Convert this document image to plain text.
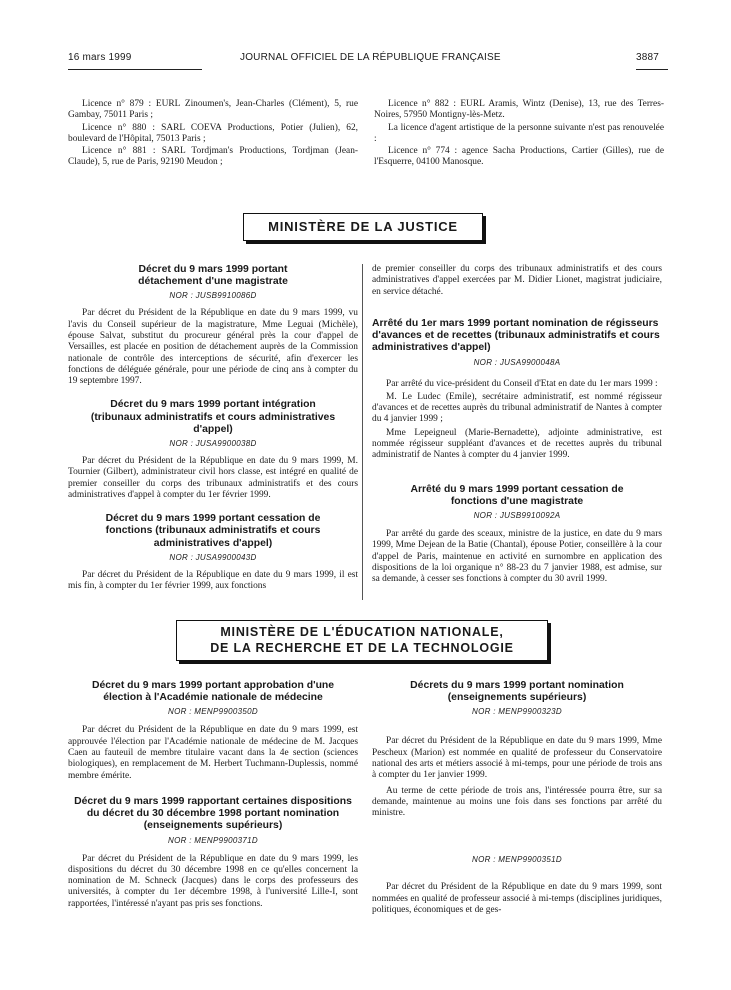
16 mars 1999	JOURNAL OFFICIEL DE LA RÉPUBLIQUE FRANÇAISE	3887

Licence n° 879 : EURL Zinoumen's, Jean-Charles (Clément), 5, rue Gambay, 75011 Paris ;

Licence n° 880 : SARL COEVA Productions, Potier (Julien), 62, boulevard de l'Hôpital, 75013 Paris ;

Licence n° 881 : SARL Tordjman's Productions, Tordjman (Jean-Claude), 5, rue de Paris, 92190 Meudon ;

Licence n° 882 : EURL Aramis, Wintz (Denise), 13, rue des Terres-Noires, 57950 Montigny-lès-Metz.

La licence d'agent artistique de la personne suivante n'est pas renouvelée :

Licence n° 774 : agence Sacha Productions, Cartier (Gilles), rue de l'Esquerre, 04100 Manosque.

MINISTÈRE DE LA JUSTICE
Décret du 9 mars 1999 portant détachement d'une magistrate
NOR : JUSB9910086D

Par décret du Président de la République en date du 9 mars 1999, vu l'avis du Conseil supérieur de la magistrature, Mme Leguai (Michèle), épouse Salvat, substitut du procureur général près la cour d'appel de Versailles, est placée en position de détachement auprès de la Commission nationale de contrôle des interceptions de sécurité, afin d'exercer les fonctions de déléguée générale, pour une période de cinq ans à compter du 19 septembre 1997.

Décret du 9 mars 1999 portant intégration (tribunaux administratifs et cours administratives d'appel)
NOR : JUSA9900038D

Par décret du Président de la République en date du 9 mars 1999, M. Tournier (Gilbert), administrateur civil hors classe, est intégré en qualité de premier conseiller du corps des tribunaux administratifs et des cours administratives d'appel à compter du 1er février 1999.

Décret du 9 mars 1999 portant cessation de fonctions (tribunaux administratifs et cours administratives d'appel)
NOR : JUSA9900043D

Par décret du Président de la République en date du 9 mars 1999, il est mis fin, à compter du 1er février 1999, aux fonctions

de premier conseiller du corps des tribunaux administratifs et des cours administratives d'appel exercées par M. Didier Lionet, magistrat judiciaire, en service détaché.

Arrêté du 1er mars 1999 portant nomination de régisseurs d'avances et de recettes (tribunaux administratifs et cours administratives d'appel)
NOR : JUSA9900048A

Par arrêté du vice-président du Conseil d'Etat en date du 1er mars 1999 :

M. Le Ludec (Emile), secrétaire administratif, est nommé régisseur d'avances et de recettes auprès du tribunal administratif de Nantes à compter du 4 janvier 1999 ;

Mme Lepeigneul (Marie-Bernadette), adjointe administrative, est nommée régisseur suppléant d'avances et de recettes auprès du tribunal administratif de Nantes à compter du 4 janvier 1999.

Arrêté du 9 mars 1999 portant cessation de fonctions d'une magistrate
NOR : JUSB9910092A

Par arrêté du garde des sceaux, ministre de la justice, en date du 9 mars 1999, Mme Dejean de la Batie (Chantal), épouse Potier, conseillère à la cour d'appel de Paris, maintenue en activité en surnombre en application des dispositions de la loi organique n° 88-23 du 7 janvier 1988, est admise, sur sa demande, à cesser ses fonctions à compter du 30 avril 1999.

MINISTÈRE DE L'ÉDUCATION NATIONALE,
DE LA RECHERCHE ET DE LA TECHNOLOGIE
Décret du 9 mars 1999 portant approbation d'une élection à l'Académie nationale de médecine
NOR : MENP9900350D

Par décret du Président de la République en date du 9 mars 1999, est approuvée l'élection par l'Académie nationale de médecine de M. Jacques Caen au fauteuil de membre titulaire vacant dans la 4e section (sciences biologiques), en remplacement de M. Herbert Tuchmann-Duplessis, nommé membre émérite.

Décret du 9 mars 1999 rapportant certaines dispositions du décret du 30 décembre 1998 portant nomination (enseignements supérieurs)
NOR : MENP9900371D

Par décret du Président de la République en date du 9 mars 1999, les dispositions du décret du 30 décembre 1998 en ce qu'elles concernent la nomination de M. Schneck (Jacques) dans le corps des professeurs des universités, à compter du 1er décembre 1998, à l'université Lille-I, sont rapportées, l'intéressé n'ayant pas pris ses fonctions.

Décrets du 9 mars 1999 portant nomination (enseignements supérieurs)
NOR : MENP9900323D

Par décret du Président de la République en date du 9 mars 1999, Mme Pescheux (Marion) est nommée en qualité de professeur du Conservatoire national des arts et métiers associé à mi-temps, pour une période de trois ans à compter du 1er janvier 1999.

Au terme de cette période de trois ans, l'intéressée pourra être, sur sa demande, maintenue au moins une fois dans ses fonctions par arrêté du ministre.

NOR : MENP9900351D

Par décret du Président de la République en date du 9 mars 1999, sont nommées en qualité de professeur associé à mi-temps (disciplines juridiques, politiques, économiques et de ges-
